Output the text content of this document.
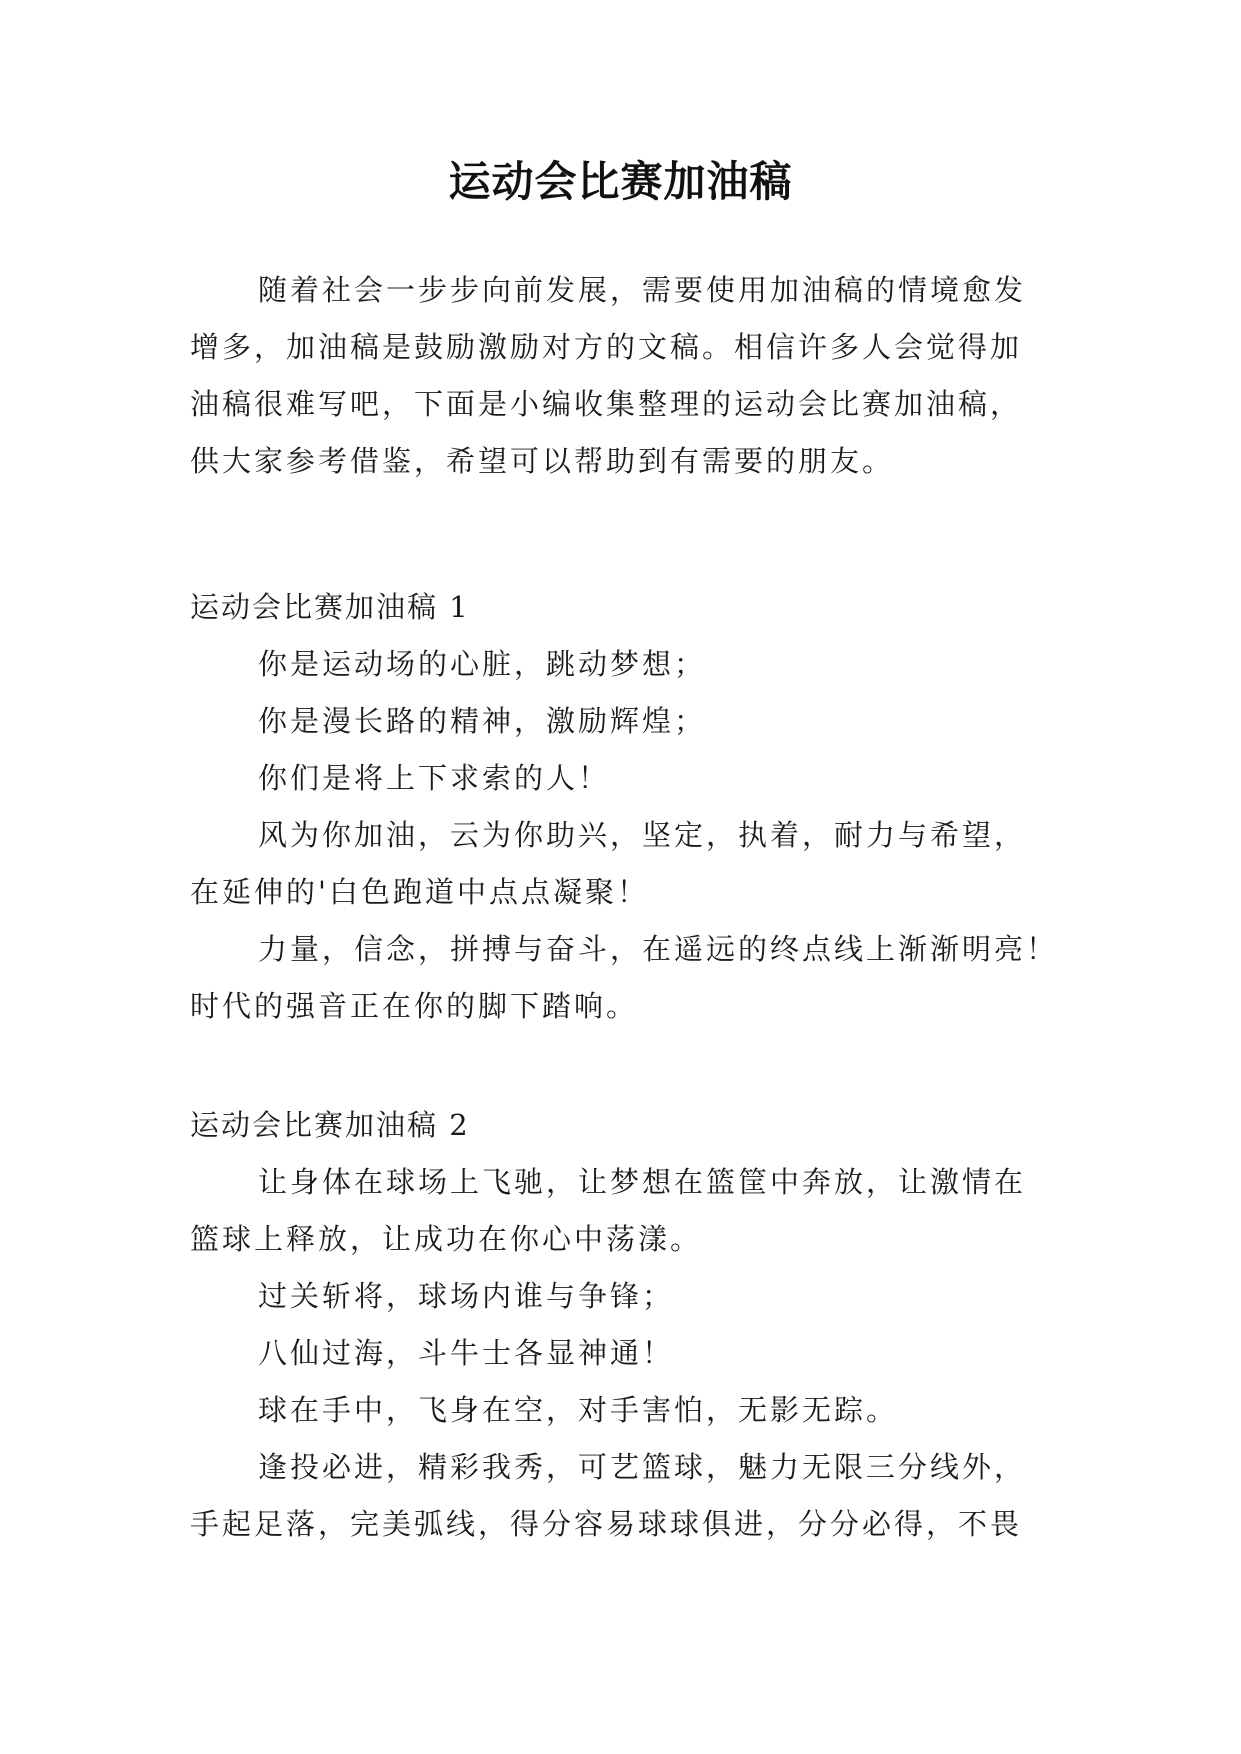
运动会比赛加油稿
随着社会一步步向前发展，需要使用加油稿的情境愈发
增多，加油稿是鼓励激励对方的文稿。相信许多人会觉得加
油稿很难写吧，下面是小编收集整理的运动会比赛加油稿，
供大家参考借鉴，希望可以帮助到有需要的朋友。
运动会比赛加油稿 1
你是运动场的心脏，跳动梦想；
你是漫长路的精神，激励辉煌；
你们是将上下求索的人！
风为你加油，云为你助兴，坚定，执着，耐力与希望，
在延伸的'白色跑道中点点凝聚！
力量，信念，拼搏与奋斗，在遥远的终点线上渐渐明亮！
时代的强音正在你的脚下踏响。
运动会比赛加油稿 2
让身体在球场上飞驰，让梦想在篮筐中奔放，让激情在
篮球上释放，让成功在你心中荡漾。
过关斩将，球场内谁与争锋；
八仙过海，斗牛士各显神通！
球在手中，飞身在空，对手害怕，无影无踪。
逢投必进，精彩我秀，可艺篮球，魅力无限三分线外，
手起足落，完美弧线，得分容易球球俱进，分分必得，不畏
